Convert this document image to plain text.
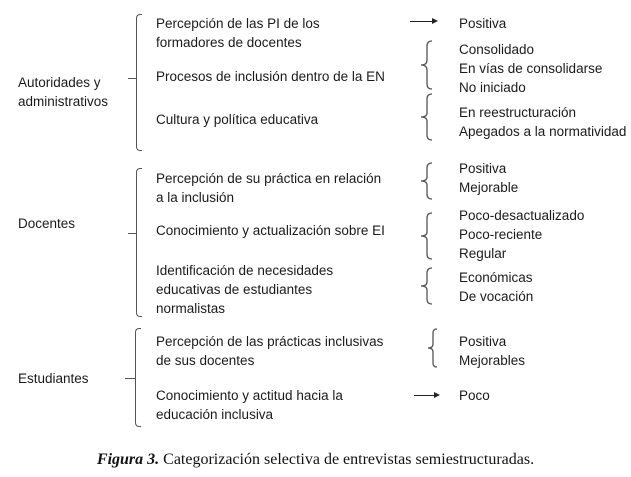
Autoridades y
administrativos
Percepción de las PI de los
formadores de docentes
Positiva
Procesos de inclusión dentro de la EN
Consolidado
En vías de consolidarse
No iniciado
Cultura y política educativa	En reestructuración
Apegados a la normatividad
Docentes
Percepción de su práctica en relación
a la inclusión
Positiva
Mejorable
Conocimiento y actualización sobre EI
Poco-desactualizado
Poco-reciente
Regular
Identificación de necesidades
educativas de estudiantes
normalistas
Económicas
De vocación
Estudiantes
Percepción de las prácticas inclusivas
de sus docentes
Positiva
Mejorables
Conocimiento y actitud hacia la
educación inclusiva
Poco
Figura 3. Categorización selectiva de entrevistas semiestructuradas.
